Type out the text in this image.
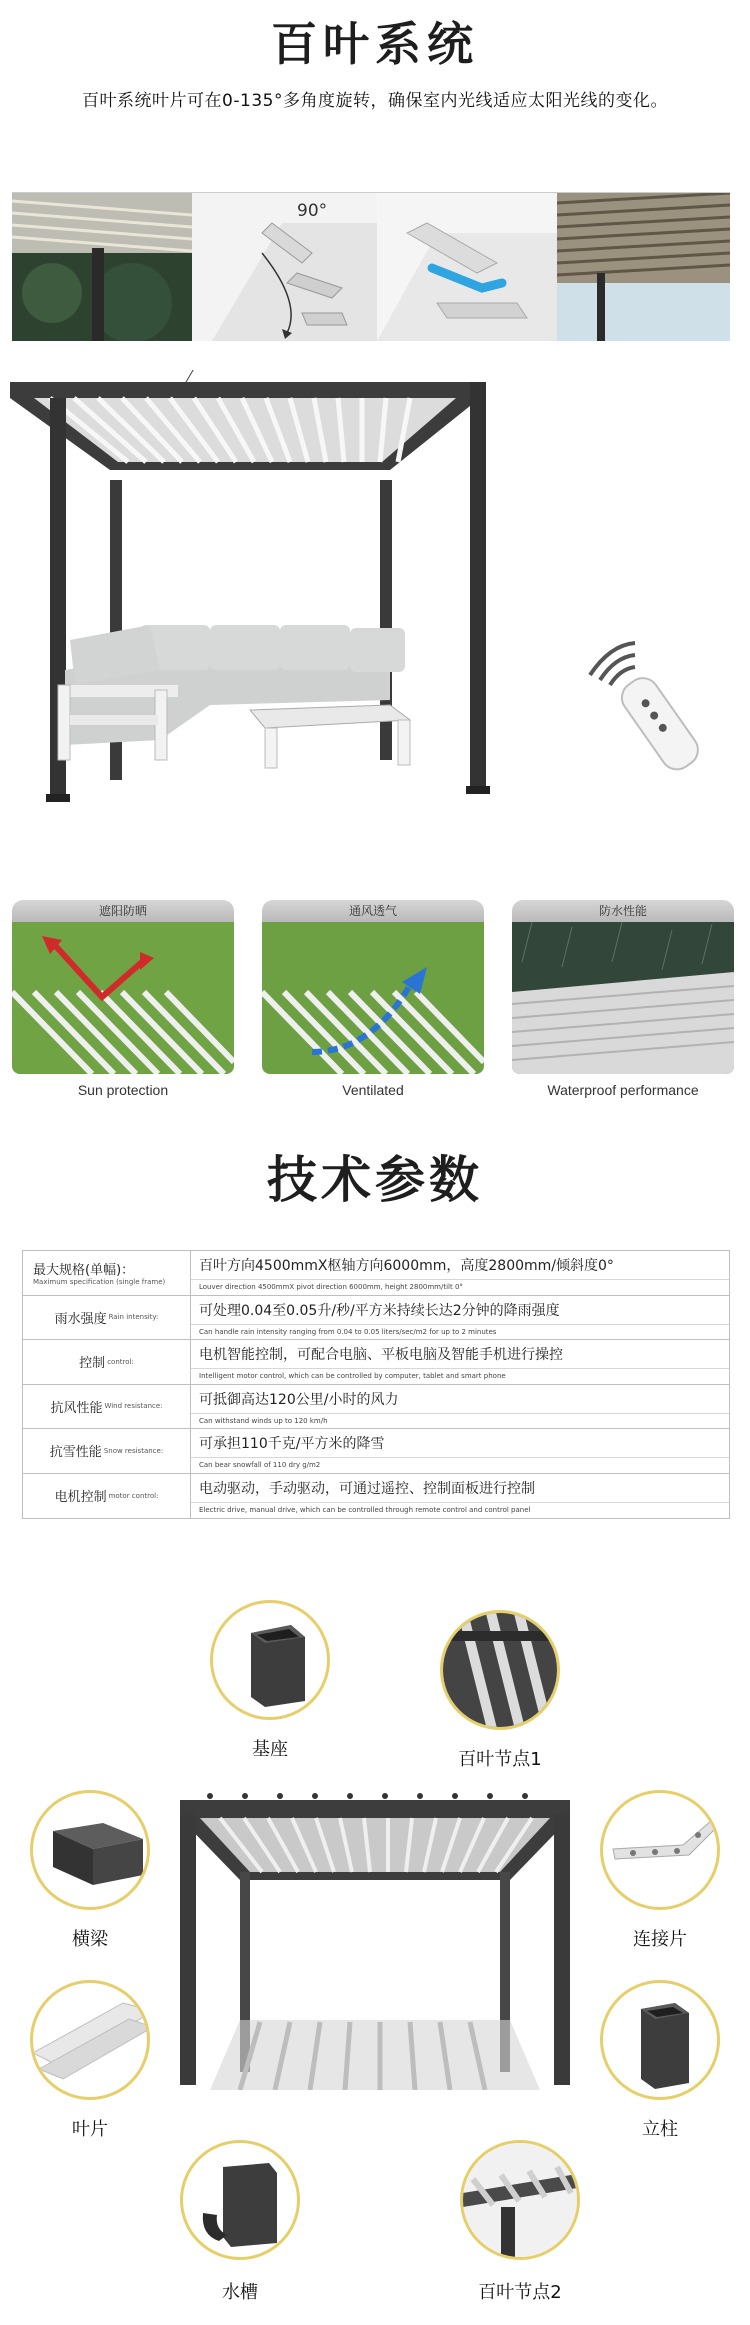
百叶系统
百叶系统叶片可在0-135°多角度旋转，确保室内光线适应太阳光线的变化。
90°
遮阳防晒
Sun protection
通风透气
Ventilated
防水性能
Waterproof performance
技术参数
最大规格(单幅)：
Maximum specification (single frame)
百叶方向4500mmX枢轴方向6000mm，高度2800mm/倾斜度0°
Louver direction 4500mmX pivot direction 6000mm, height 2800mm/tilt 0°
雨水强度 Rain intensity:	可处理0.04至0.05升/秒/平方米持续长达2分钟的降雨强度
Can handle rain intensity ranging from 0.04 to 0.05 liters/sec/m2 for up to 2 minutes
控制 control:	电机智能控制，可配合电脑、平板电脑及智能手机进行操控
Intelligent motor control, which can be controlled by computer, tablet and smart phone
抗风性能 Wind resistance:	可抵御高达120公里/小时的风力
Can withstand winds up to 120 km/h
抗雪性能 Snow resistance:	可承担110千克/平方米的降雪
Can bear snowfall of 110 dry g/m2
电机控制 motor control:	电动驱动，手动驱动，可通过遥控、控制面板进行控制
Electric drive, manual drive, which can be controlled through remote control and control panel
基座	百叶节点1
横梁	连接片
叶片	立柱
水槽	百叶节点2
